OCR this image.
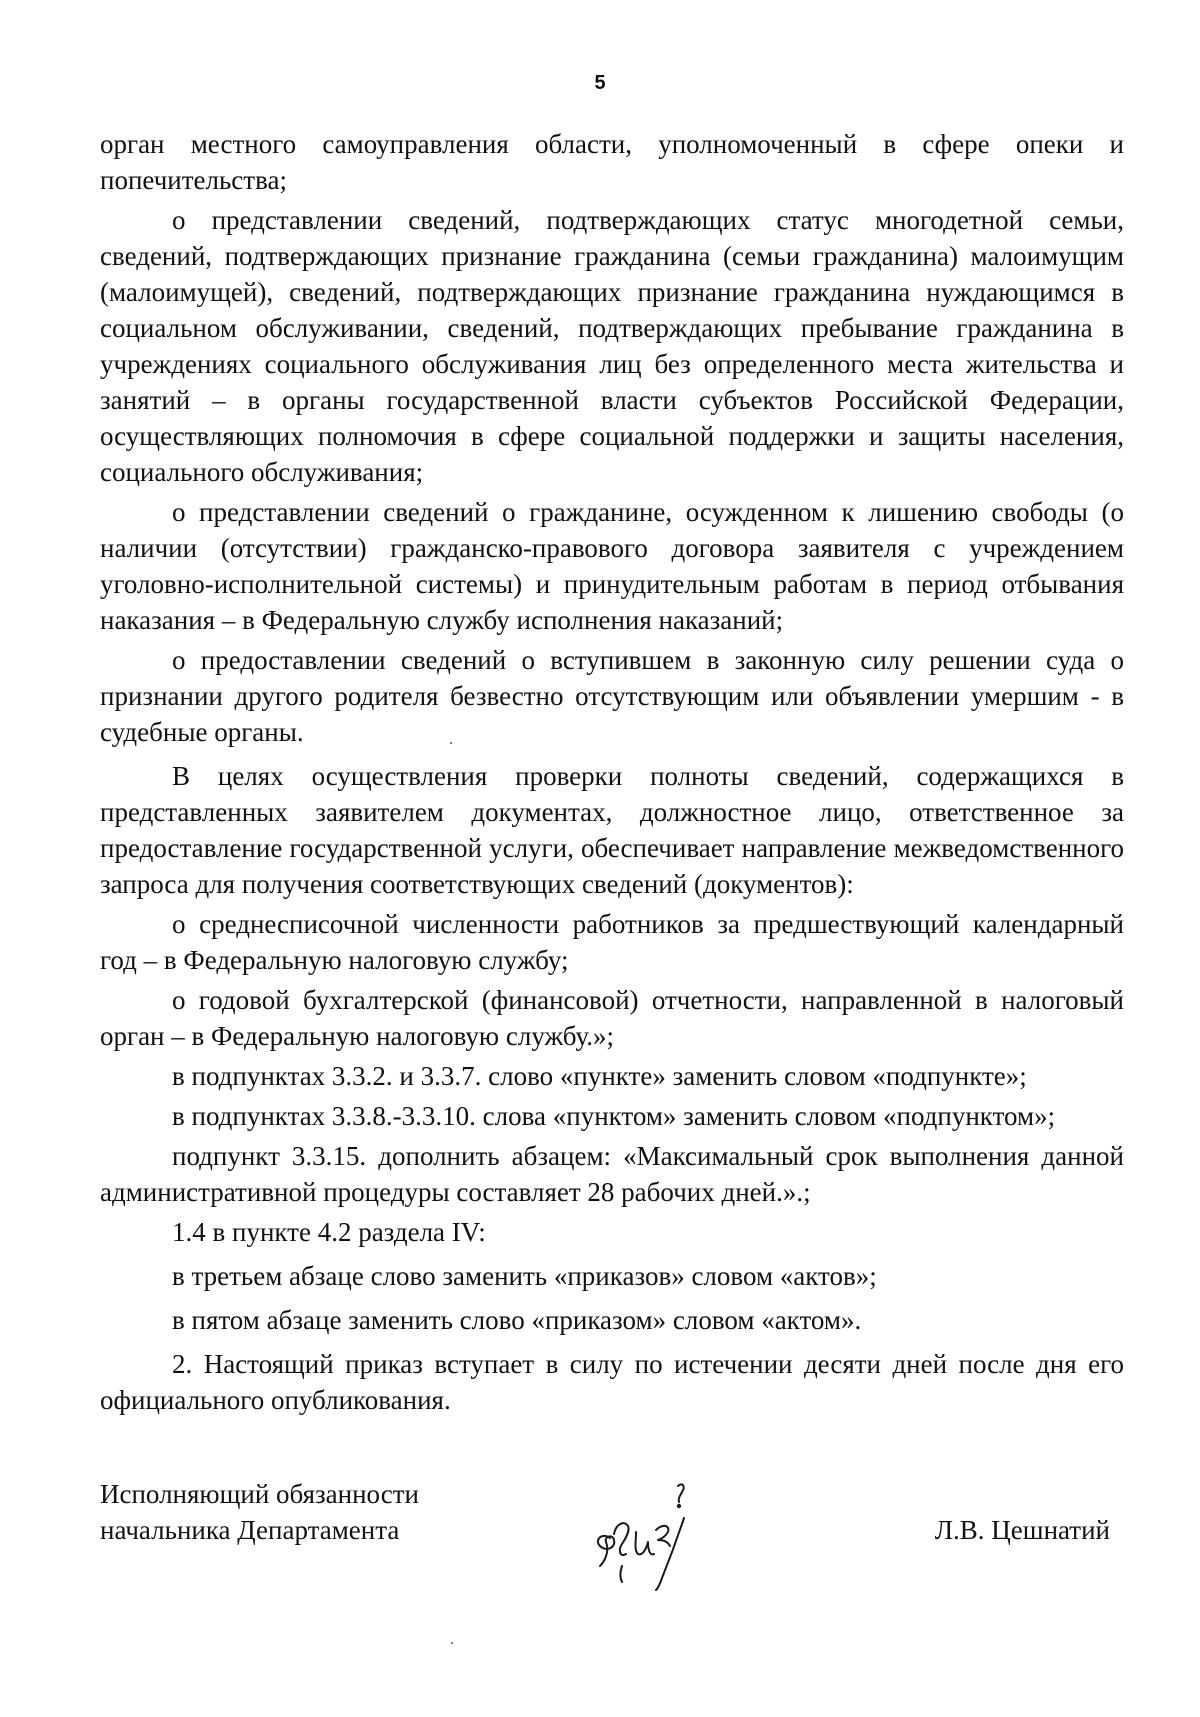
5

орган местного самоуправления области, уполномоченный в сфере опеки и попечительства;

о представлении сведений, подтверждающих статус многодетной семьи, сведений, подтверждающих признание гражданина (семьи гражданина) малоимущим (малоимущей), сведений, подтверждающих признание гражданина нуждающимся в социальном обслуживании, сведений, подтверждающих пребывание гражданина в учреждениях социального обслуживания лиц без определенного места жительства и занятий – в органы государственной власти субъектов Российской Федерации, осуществляющих полномочия в сфере социальной поддержки и защиты населения, социального обслуживания;

о представлении сведений о гражданине, осужденном к лишению свободы (о наличии (отсутствии) гражданско-правового договора заявителя с учреждением уголовно-исполнительной системы) и принудительным работам в период отбывания наказания – в Федеральную службу исполнения наказаний;

о предоставлении сведений о вступившем в законную силу решении суда о признании другого родителя безвестно отсутствующим или объявлении умершим - в судебные органы.

В целях осуществления проверки полноты сведений, содержащихся в представленных заявителем документах, должностное лицо, ответственное за предоставление государственной услуги, обеспечивает направление межведомственного запроса для получения соответствующих сведений (документов):

о среднесписочной численности работников за предшествующий календарный год – в Федеральную налоговую службу;

о годовой бухгалтерской (финансовой) отчетности, направленной в налоговый орган – в Федеральную налоговую службу.»;

в подпунктах 3.3.2. и 3.3.7. слово «пункте» заменить словом «подпункте»;

в подпунктах 3.3.8.-3.3.10. слова «пунктом» заменить словом «подпунктом»;

подпункт 3.3.15. дополнить абзацем: «Максимальный срок выполнения данной административной процедуры составляет 28 рабочих дней.».;

1.4 в пункте 4.2 раздела IV:

в третьем абзаце слово заменить «приказов» словом «актов»;

в пятом абзаце заменить слово «приказом» словом «актом».

2. Настоящий приказ вступает в силу по истечении десяти дней после дня его официального опубликования.

Исполняющий обязанности
начальника Департамента	Л.В. Цешнатий
